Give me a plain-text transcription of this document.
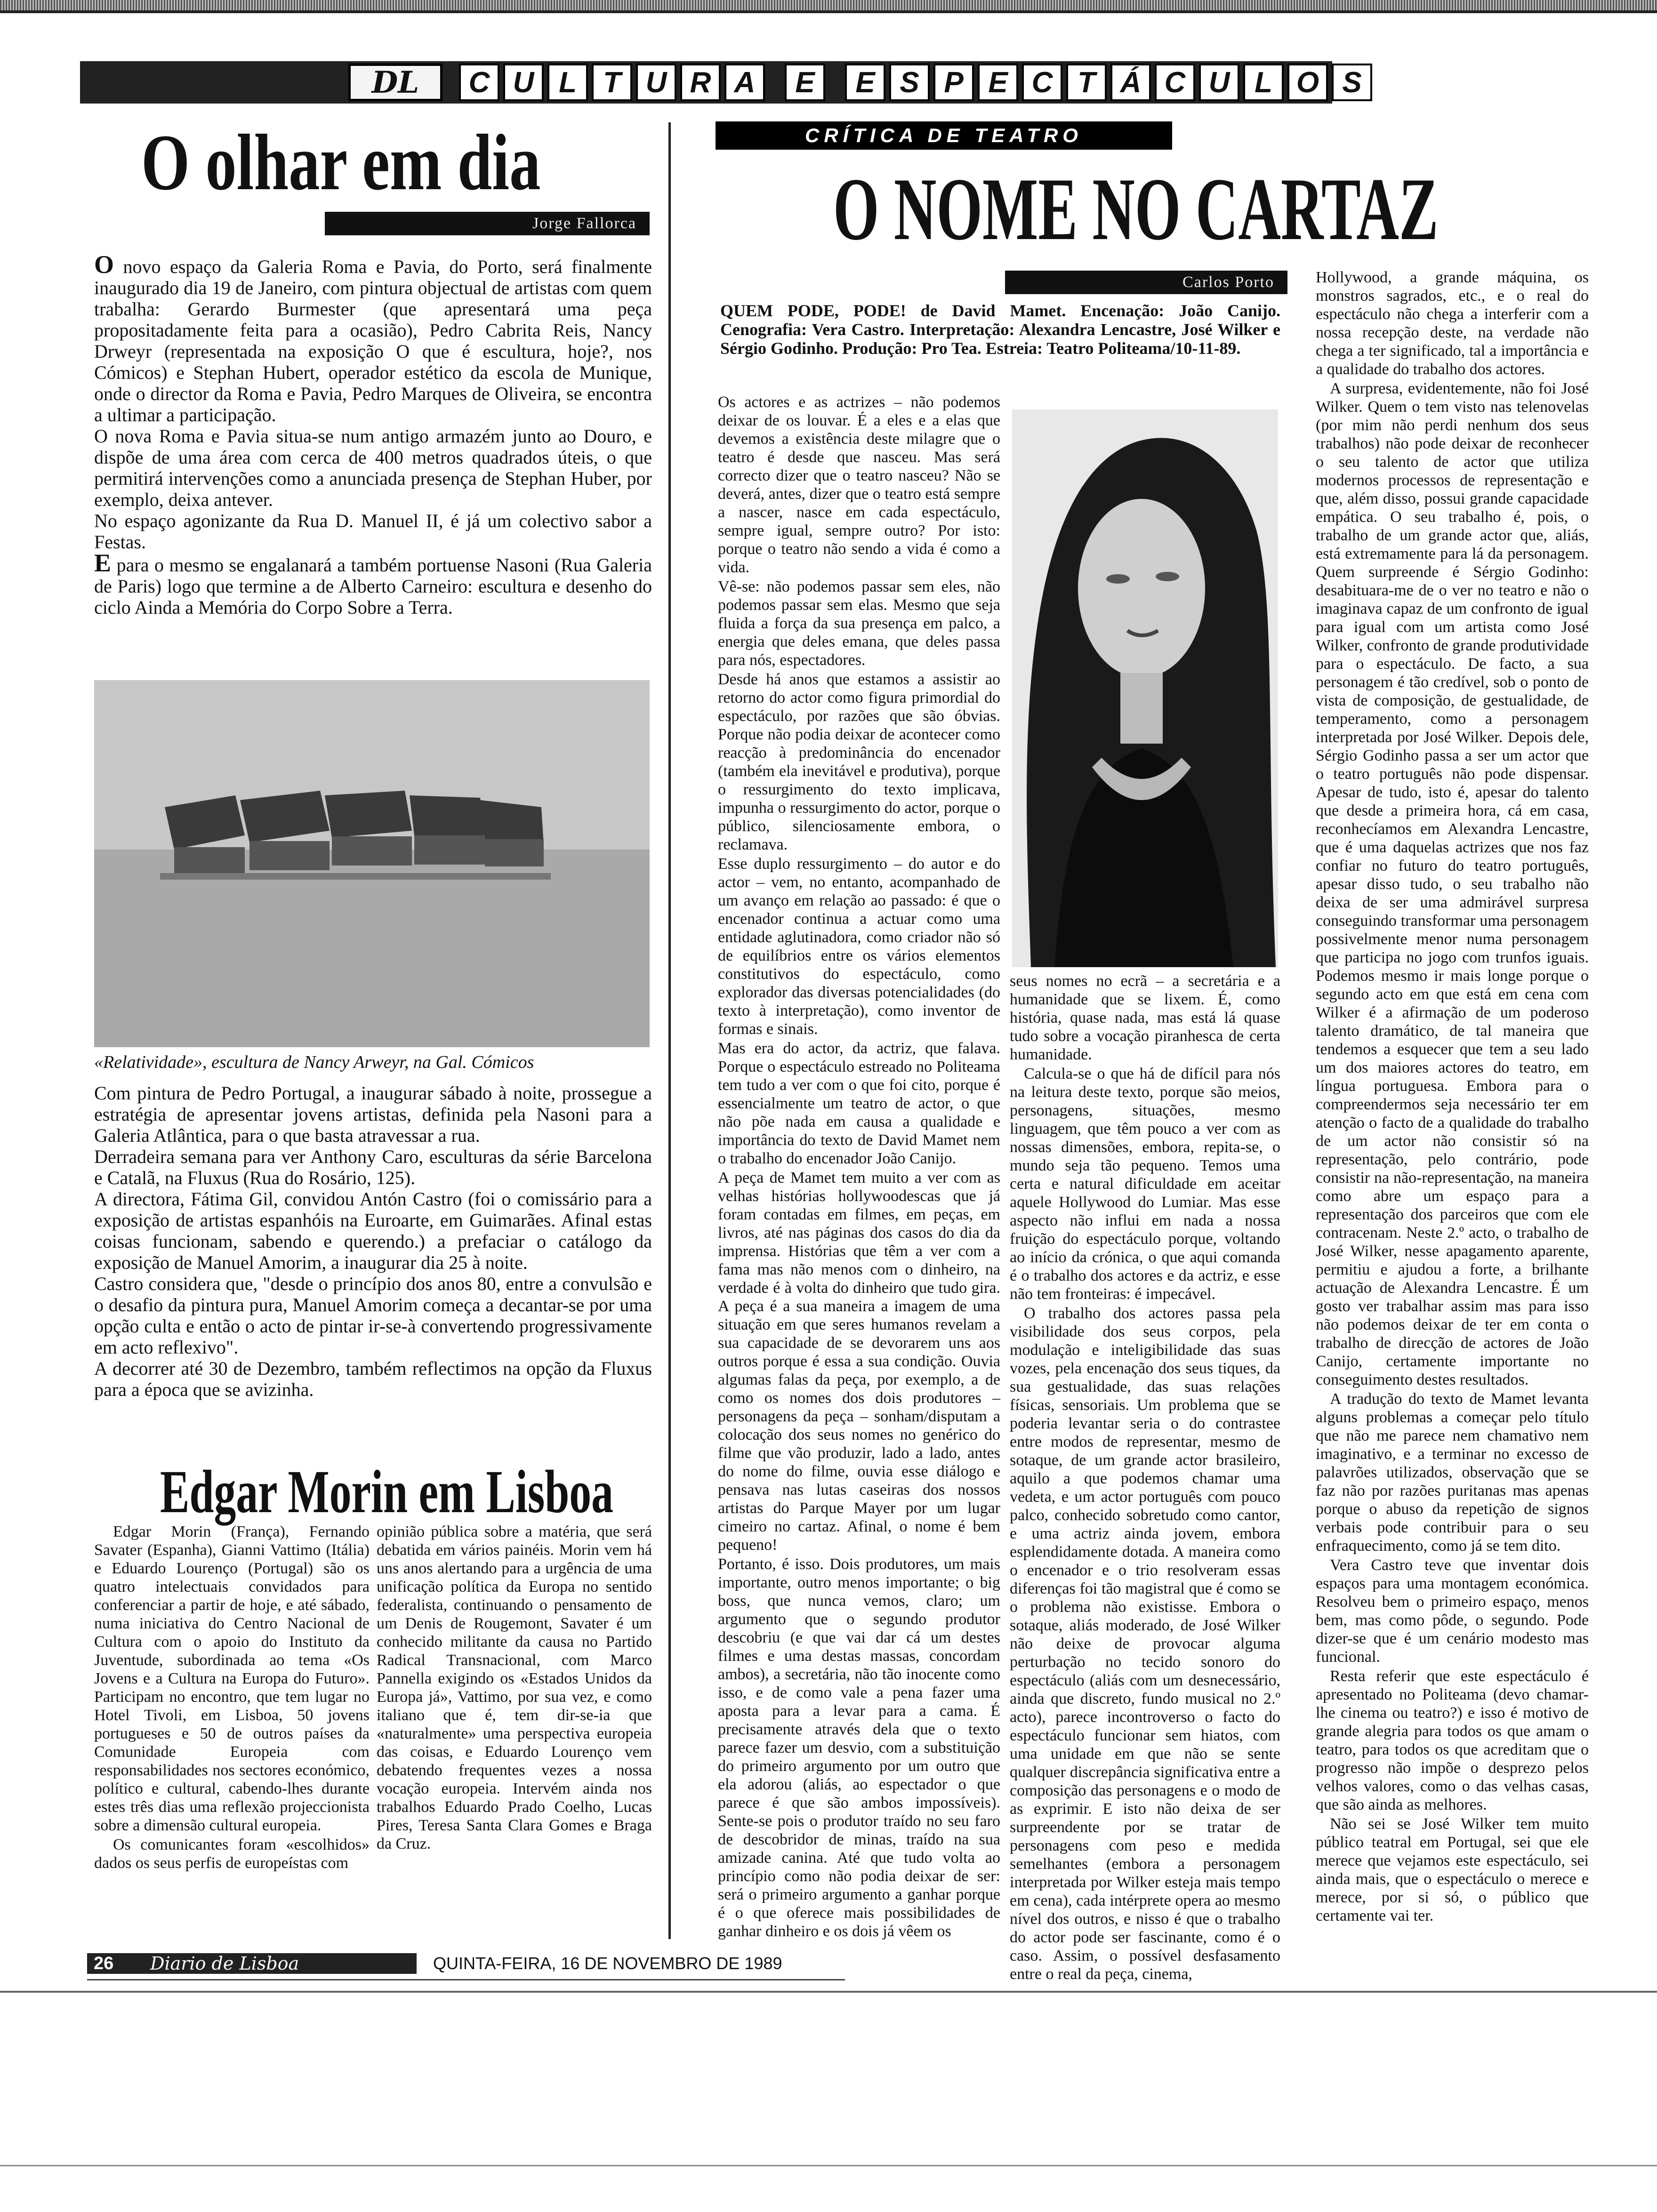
DL	C U L T U R A	E	E S P E C T Á C U L O S
O olhar em dia
Jorge Fallorca
CRÍTICA DE TEATRO
O NOME NO CARTAZ
Carlos Porto

O novo espaço da Galeria Roma e Pavia, do Porto, será finalmente inaugurado dia 19 de Janeiro, com pintura objectual de artistas com quem trabalha: Gerardo Burmester (que apresentará uma peça propositadamente feita para a ocasião), Pedro Cabrita Reis, Nancy Drweyr (representada na exposição O que é escultura, hoje?, nos Cómicos) e Stephan Hubert, operador estético da escola de Munique, onde o director da Roma e Pavia, Pedro Marques de Oliveira, se encontra a ultimar a participação.

O nova Roma e Pavia situa-se num antigo armazém junto ao Douro, e dispõe de uma área com cerca de 400 metros quadrados úteis, o que permitirá intervenções como a anunciada presença de Stephan Huber, por exemplo, deixa antever.

No espaço agonizante da Rua D. Manuel II, é já um colectivo sabor a Festas.

E para o mesmo se engalanará a também portuense Nasoni (Rua Galeria de Paris) logo que termine a de Alberto Carneiro: escultura e desenho do ciclo Ainda a Memória do Corpo Sobre a Terra.

«Relatividade», escultura de Nancy Arweyr, na Gal. Cómicos

Com pintura de Pedro Portugal, a inaugurar sábado à noite, prossegue a estratégia de apresentar jovens artistas, definida pela Nasoni para a Galeria Atlântica, para o que basta atravessar a rua.

Derradeira semana para ver Anthony Caro, esculturas da série Barcelona e Catalã, na Fluxus (Rua do Rosário, 125).

A directora, Fátima Gil, convidou Antón Castro (foi o comissário para a exposição de artistas espanhóis na Euroarte, em Guimarães. Afinal estas coisas funcionam, sabendo e querendo.) a prefaciar o catálogo da exposição de Manuel Amorim, a inaugurar dia 25 à noite.

Castro considera que, "desde o princípio dos anos 80, entre a convulsão e o desafio da pintura pura, Manuel Amorim começa a decantar-se por uma opção culta e então o acto de pintar ir-se-à convertendo progressivamente em acto reflexivo".

A decorrer até 30 de Dezembro, também reflectimos na opção da Fluxus para a época que se avizinha.

Edgar Morin em Lisboa

Edgar Morin (França), Fernando Savater (Espanha), Gianni Vattimo (Itália) e Eduardo Lourenço (Portugal) são os quatro intelectuais convidados para conferenciar a partir de hoje, e até sábado, numa iniciativa do Centro Nacional de Cultura com o apoio do Instituto da Juventude, subordinada ao tema «Os Jovens e a Cultura na Europa do Futuro». Participam no encontro, que tem lugar no Hotel Tivoli, em Lisboa, 50 jovens portugueses e 50 de outros países da Comunidade Europeia com responsabilidades nos sectores económico, político e cultural, cabendo-lhes durante estes três dias uma reflexão projeccionista sobre a dimensão cultural europeia.

Os comunicantes foram «escolhidos» dados os seus perfis de europeístas com

opinião pública sobre a matéria, que será debatida em vários painéis. Morin vem há uns anos alertando para a urgência de uma unificação política da Europa no sentido federalista, continuando o pensamento de um Denis de Rougemont, Savater é um conhecido militante da causa no Partido Radical Transnacional, com Marco Pannella exigindo os «Estados Unidos da Europa já», Vattimo, por sua vez, e como italiano que é, tem dir-se-ia que «naturalmente» uma perspectiva europeia das coisas, e Eduardo Lourenço vem debatendo frequentes vezes a nossa vocação europeia. Intervém ainda nos trabalhos Eduardo Prado Coelho, Lucas Pires, Teresa Santa Clara Gomes e Braga da Cruz.

QUEM PODE, PODE! de David Mamet. Encenação: João Canijo. Cenografia: Vera Castro. Interpretação: Alexandra Lencastre, José Wilker e Sérgio Godinho. Produção: Pro Tea. Estreia: Teatro Politeama/10-11-89.

Os actores e as actrizes – não podemos deixar de os louvar. É a eles e a elas que devemos a existência deste milagre que o teatro é desde que nasceu. Mas será correcto dizer que o teatro nasceu? Não se deverá, antes, dizer que o teatro está sempre a nascer, nasce em cada espectáculo, sempre igual, sempre outro? Por isto: porque o teatro não sendo a vida é como a vida.

Vê-se: não podemos passar sem eles, não podemos passar sem elas. Mesmo que seja fluida a força da sua presença em palco, a energia que deles emana, que deles passa para nós, espectadores.

Desde há anos que estamos a assistir ao retorno do actor como figura primordial do espectáculo, por razões que são óbvias. Porque não podia deixar de acontecer como reacção à predominância do encenador (também ela inevitável e produtiva), porque o ressurgimento do texto implicava, impunha o ressurgimento do actor, porque o público, silenciosamente embora, o reclamava.

Esse duplo ressurgimento – do autor e do actor – vem, no entanto, acompanhado de um avanço em relação ao passado: é que o encenador continua a actuar como uma entidade aglutinadora, como criador não só de equilíbrios entre os vários elementos constitutivos do espectáculo, como explorador das diversas potencialidades (do texto à interpretação), como inventor de formas e sinais.

Mas era do actor, da actriz, que falava. Porque o espectáculo estreado no Politeama tem tudo a ver com o que foi cito, porque é essencialmente um teatro de actor, o que não põe nada em causa a qualidade e importância do texto de David Mamet nem o trabalho do encenador João Canijo.

A peça de Mamet tem muito a ver com as velhas histórias hollywoodescas que já foram contadas em filmes, em peças, em livros, até nas páginas dos casos do dia da imprensa. Histórias que têm a ver com a fama mas não menos com o dinheiro, na verdade é à volta do dinheiro que tudo gira. A peça é a sua maneira a imagem de uma situação em que seres humanos revelam a sua capacidade de se devorarem uns aos outros porque é essa a sua condição. Ouvia algumas falas da peça, por exemplo, a de como os nomes dos dois produtores – personagens da peça – sonham/disputam a colocação dos seus nomes no genérico do filme que vão produzir, lado a lado, antes do nome do filme, ouvia esse diálogo e pensava nas lutas caseiras dos nossos artistas do Parque Mayer por um lugar cimeiro no cartaz. Afinal, o nome é bem pequeno!

Portanto, é isso. Dois produtores, um mais importante, outro menos importante; o big boss, que nunca vemos, claro; um argumento que o segundo produtor descobriu (e que vai dar cá um destes filmes e uma destas massas, concordam ambos), a secretária, não tão inocente como isso, e de como vale a pena fazer uma aposta para a levar para a cama. É precisamente através dela que o texto parece fazer um desvio, com a substituição do primeiro argumento por um outro que ela adorou (aliás, ao espectador o que parece é que são ambos impossíveis). Sente-se pois o produtor traído no seu faro de descobridor de minas, traído na sua amizade canina. Até que tudo volta ao princípio como não podia deixar de ser: será o primeiro argumento a ganhar porque é o que oferece mais possibilidades de ganhar dinheiro e os dois já vêem os

seus nomes no ecrã – a secretária e a humanidade que se lixem. É, como história, quase nada, mas está lá quase tudo sobre a vocação piranhesca de certa humanidade.

Calcula-se o que há de difícil para nós na leitura deste texto, porque são meios, personagens, situações, mesmo linguagem, que têm pouco a ver com as nossas dimensões, embora, repita-se, o mundo seja tão pequeno. Temos uma certa e natural dificuldade em aceitar aquele Hollywood do Lumiar. Mas esse aspecto não influi em nada a nossa fruição do espectáculo porque, voltando ao início da crónica, o que aqui comanda é o trabalho dos actores e da actriz, e esse não tem fronteiras: é impecável.

O trabalho dos actores passa pela visibilidade dos seus corpos, pela modulação e inteligibilidade das suas vozes, pela encenação dos seus tiques, da sua gestualidade, das suas relações físicas, sensoriais. Um problema que se poderia levantar seria o do contrastee entre modos de representar, mesmo de sotaque, de um grande actor brasileiro, aquilo a que podemos chamar uma vedeta, e um actor português com pouco palco, conhecido sobretudo como cantor, e uma actriz ainda jovem, embora esplendidamente dotada. A maneira como o encenador e o trio resolveram essas diferenças foi tão magistral que é como se o problema não existisse. Embora o sotaque, aliás moderado, de José Wilker não deixe de provocar alguma perturbação no tecido sonoro do espectáculo (aliás com um desnecessário, ainda que discreto, fundo musical no 2.º acto), parece incontroverso o facto do espectáculo funcionar sem hiatos, com uma unidade em que não se sente qualquer discrepância significativa entre a composição das personagens e o modo de as exprimir. E isto não deixa de ser surpreendente por se tratar de personagens com peso e medida semelhantes (embora a personagem interpretada por Wilker esteja mais tempo em cena), cada intérprete opera ao mesmo nível dos outros, e nisso é que o trabalho do actor pode ser fascinante, como é o caso. Assim, o possível desfasamento entre o real da peça, cinema,

Hollywood, a grande máquina, os monstros sagrados, etc., e o real do espectáculo não chega a interferir com a nossa recepção deste, na verdade não chega a ter significado, tal a importância e a qualidade do trabalho dos actores.

A surpresa, evidentemente, não foi José Wilker. Quem o tem visto nas telenovelas (por mim não perdi nenhum dos seus trabalhos) não pode deixar de reconhecer o seu talento de actor que utiliza modernos processos de representação e que, além disso, possui grande capacidade empática. O seu trabalho é, pois, o trabalho de um grande actor que, aliás, está extremamente para lá da personagem. Quem surpreende é Sérgio Godinho: desabituara-me de o ver no teatro e não o imaginava capaz de um confronto de igual para igual com um artista como José Wilker, confronto de grande produtividade para o espectáculo. De facto, a sua personagem é tão credível, sob o ponto de vista de composição, de gestualidade, de temperamento, como a personagem interpretada por José Wilker. Depois dele, Sérgio Godinho passa a ser um actor que o teatro português não pode dispensar. Apesar de tudo, isto é, apesar do talento que desde a primeira hora, cá em casa, reconhecíamos em Alexandra Lencastre, que é uma daquelas actrizes que nos faz confiar no futuro do teatro português, apesar disso tudo, o seu trabalho não deixa de ser uma admirável surpresa conseguindo transformar uma personagem possivelmente menor numa personagem que participa no jogo com trunfos iguais. Podemos mesmo ir mais longe porque o segundo acto em que está em cena com Wilker é a afirmação de um poderoso talento dramático, de tal maneira que tendemos a esquecer que tem a seu lado um dos maiores actores do teatro, em língua portuguesa. Embora para o compreendermos seja necessário ter em atenção o facto de a qualidade do trabalho de um actor não consistir só na representação, pelo contrário, pode consistir na não-representação, na maneira como abre um espaço para a representação dos parceiros que com ele contracenam. Neste 2.º acto, o trabalho de José Wilker, nesse apagamento aparente, permitiu e ajudou a forte, a brilhante actuação de Alexandra Lencastre. É um gosto ver trabalhar assim mas para isso não podemos deixar de ter em conta o trabalho de direcção de actores de João Canijo, certamente importante no conseguimento destes resultados.

A tradução do texto de Mamet levanta alguns problemas a começar pelo título que não me parece nem chamativo nem imaginativo, e a terminar no excesso de palavrões utilizados, observação que se faz não por razões puritanas mas apenas porque o abuso da repetição de signos verbais pode contribuir para o seu enfraquecimento, como já se tem dito.

Vera Castro teve que inventar dois espaços para uma montagem económica. Resolveu bem o primeiro espaço, menos bem, mas como pôde, o segundo. Pode dizer-se que é um cenário modesto mas funcional.

Resta referir que este espectáculo é apresentado no Politeama (devo chamar-lhe cinema ou teatro?) e isso é motivo de grande alegria para todos os que amam o teatro, para todos os que acreditam que o progresso não impõe o desprezo pelos velhos valores, como o das velhas casas, que são ainda as melhores.

Não sei se José Wilker tem muito público teatral em Portugal, sei que ele merece que vejamos este espectáculo, sei ainda mais, que o espectáculo o merece e merece, por si só, o público que certamente vai ter.

26	Diario de Lisboa	QUINTA-FEIRA, 16 DE NOVEMBRO DE 1989
